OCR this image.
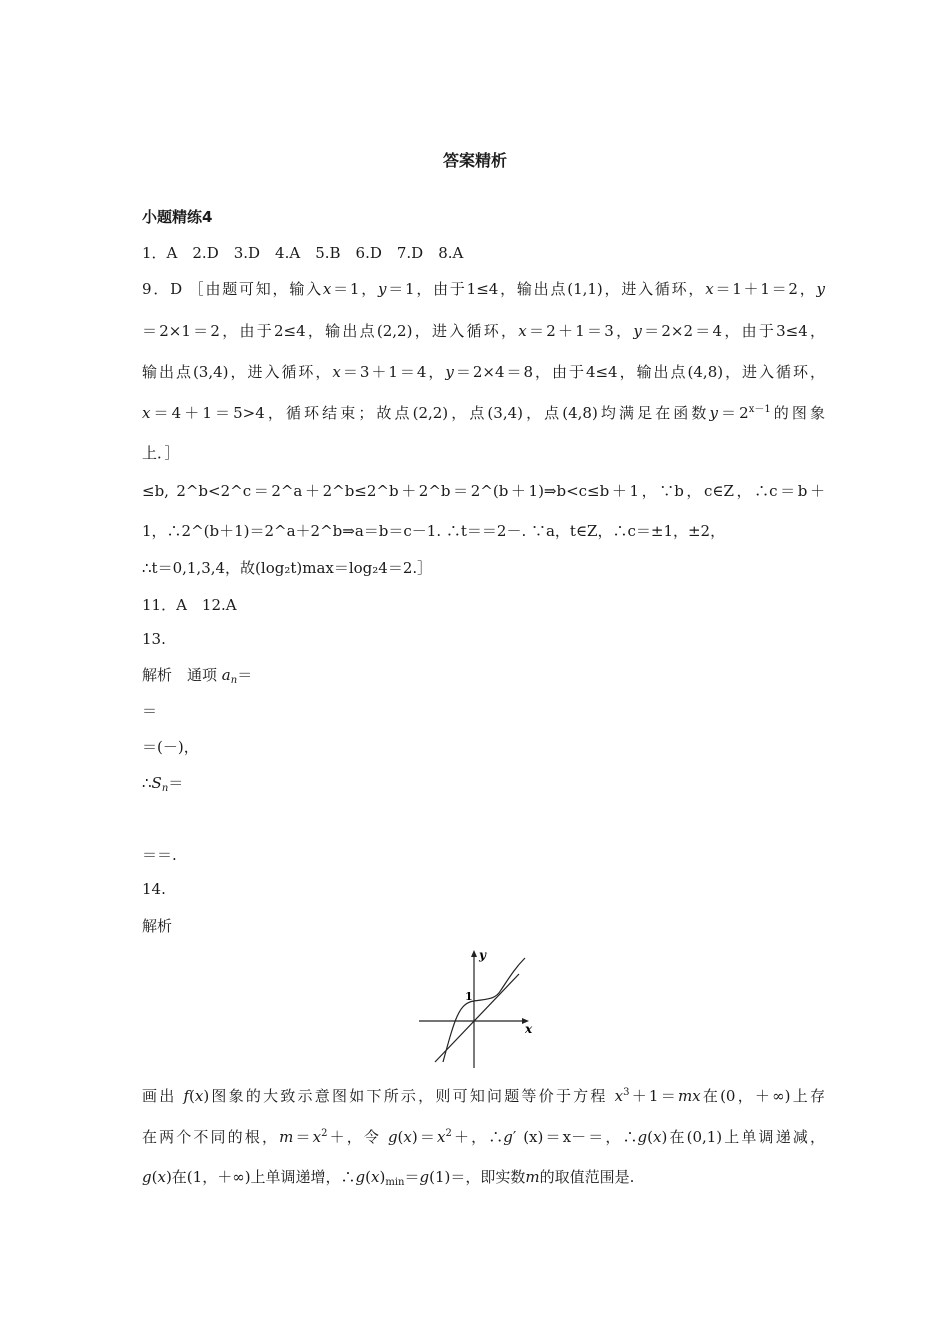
答案精析
小题精练4
1．A　2.D　3.D　4.A　5.B　6.D　7.D　8.A
9．D ［由题可知，输入x＝1，y＝1，由于1≤4，输出点(1,1)，进入循环，x＝1＋1＝2，y
＝2×1＝2，由于2≤4，输出点(2,2)，进入循环，x＝2＋1＝3，y＝2×2＝4，由于3≤4，
输出点(3,4)，进入循环，x＝3＋1＝4，y＝2×4＝8，由于4≤4，输出点(4,8)，进入循环，
x＝4＋1＝5>4，循环结束；故点(2,2)，点(3,4)，点(4,8)均满足在函数$y=2^{x-1}$的图象
上．］
≤b, 2^b<2^c＝2^a＋2^b≤2^b＋2^b＝2^(b＋1)⇒b<c≤b＋1，∵b，c∈Z，∴c＝b＋
1，∴2^(b＋1)＝2^a＋2^b⇒a＝b＝c－1. ∴t＝＝2－. ∵a，t∈Z，∴c＝±1，±2，
∴t＝0,1,3,4，故(log₂t)max＝log₂4＝2.］
11．A　12.A
13.
解析　通项 $a_n=$
＝
＝(－)，
$\therefore S_n=$
＝＝.
14.
解析
y
x
1
画出 f(x)图象的大致示意图如下所示，则可知问题等价于方程 $x^3+1=mx$在(0，＋∞)上存
在两个不同的根，$m=x^2+$，令 $g(x)=x^2+$，∴g′ (x)＝x－＝，∴g(x)在(0,1)上单调递减，
g(x)在(1，＋∞)上单调递增，$\therefore g(x)_{min}=g(1)=$，即实数m的取值范围是.
